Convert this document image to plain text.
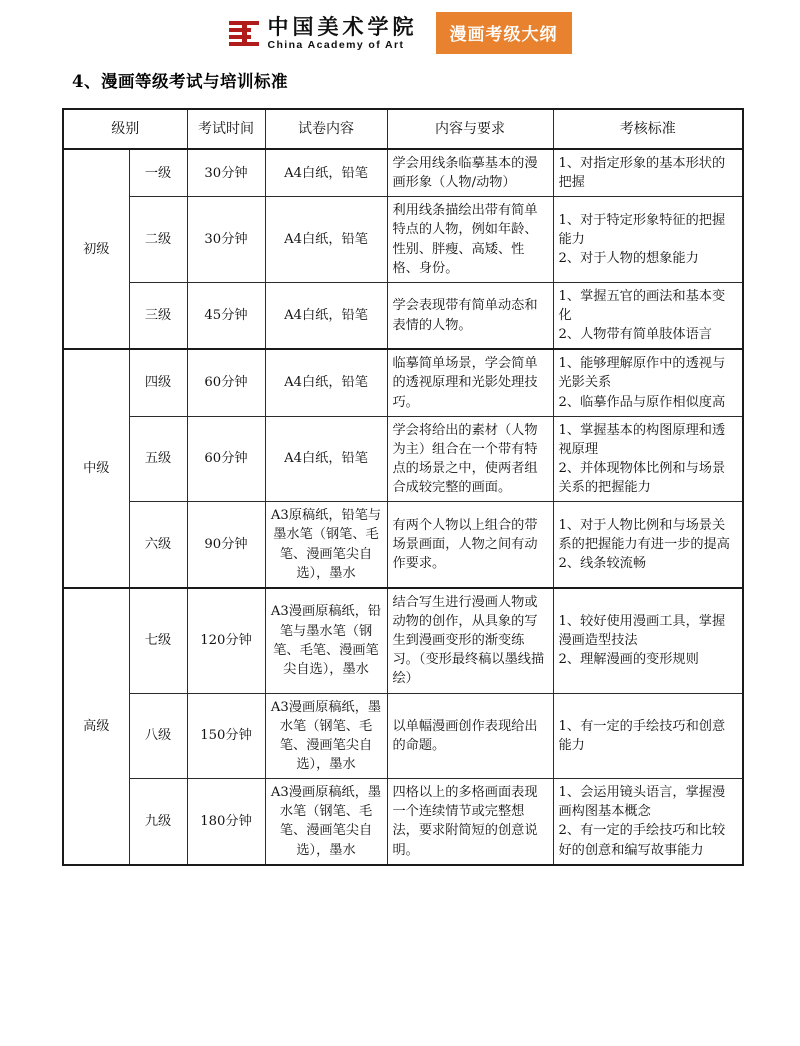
中国美术学院
China Academy of Art	漫画考级大纲
4、漫画等级考试与培训标准
级别		考试时间	试卷内容	内容与要求	考核标准
初级	一级	30分钟	A4白纸，铅笔	学会用线条临摹基本的漫画形象（人物/动物）	1、对指定形象的基本形状的把握
	二级	30分钟	A4白纸，铅笔	利用线条描绘出带有简单特点的人物，例如年龄、性别、胖瘦、高矮、性格、身份。	1、对于特定形象特征的把握能力
2、对于人物的想象能力
	三级	45分钟	A4白纸，铅笔	学会表现带有简单动态和表情的人物。	1、掌握五官的画法和基本变化
2、人物带有简单肢体语言
中级	四级	60分钟	A4白纸，铅笔	临摹简单场景，学会简单的透视原理和光影处理技巧。	1、能够理解原作中的透视与光影关系
2、临摹作品与原作相似度高
	五级	60分钟	A4白纸，铅笔	学会将给出的素材（人物为主）组合在一个带有特点的场景之中，使两者组合成较完整的画面。	1、掌握基本的构图原理和透视原理
2、并体现物体比例和与场景关系的把握能力
	六级	90分钟	A3原稿纸，铅笔与墨水笔（钢笔、毛笔、漫画笔尖自选），墨水	有两个人物以上组合的带场景画面，人物之间有动作要求。	1、对于人物比例和与场景关系的把握能力有进一步的提高
2、线条较流畅
高级	七级	120分钟	A3漫画原稿纸，铅笔与墨水笔（钢笔、毛笔、漫画笔尖自选），墨水	结合写生进行漫画人物或动物的创作，从具象的写生到漫画变形的渐变练习。（变形最终稿以墨线描绘）	1、较好使用漫画工具，掌握漫画造型技法
2、理解漫画的变形规则
	八级	150分钟	A3漫画原稿纸，墨水笔（钢笔、毛笔、漫画笔尖自选），墨水	以单幅漫画创作表现给出的命题。	1、有一定的手绘技巧和创意能力
	九级	180分钟	A3漫画原稿纸，墨水笔（钢笔、毛笔、漫画笔尖自选），墨水	四格以上的多格画面表现一个连续情节或完整想法，要求附简短的创意说明。	1、会运用镜头语言，掌握漫画构图基本概念
2、有一定的手绘技巧和比较好的创意和编写故事能力
